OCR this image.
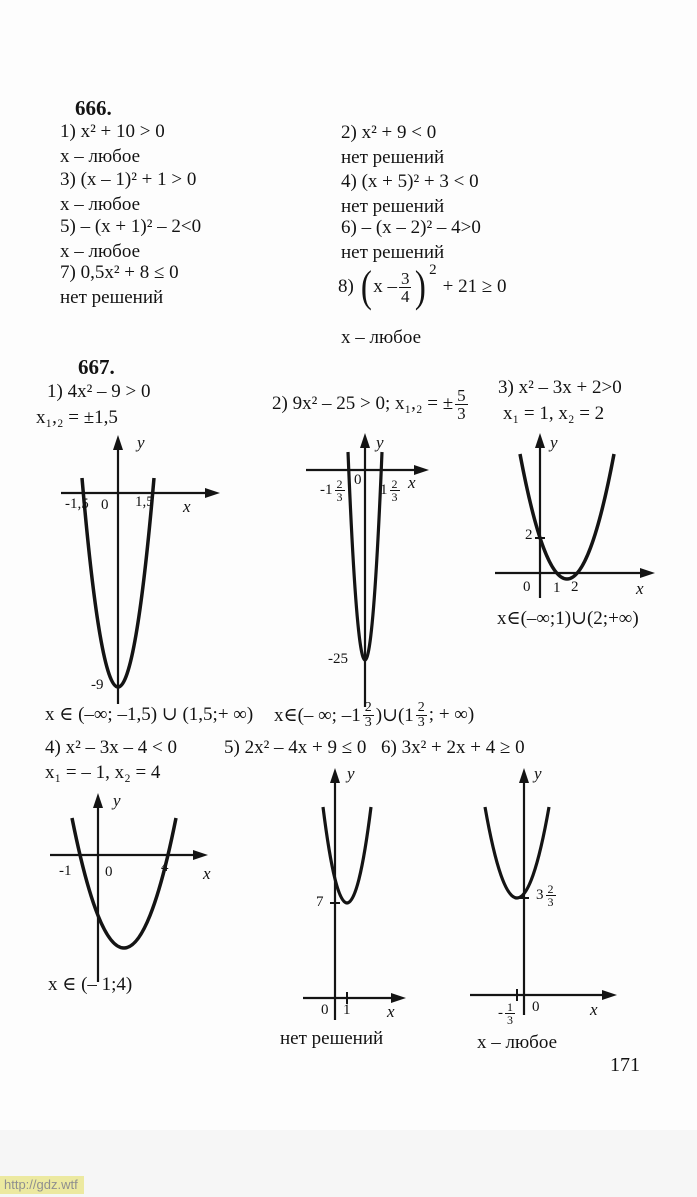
666.
1) x² + 10 > 0
x – любое
3) (x – 1)² + 1 > 0
x – любое
5) – (x + 1)² – 2<0
x – любое
7) 0,5x² + 8 ≤ 0
нет решений
2) x² + 9 < 0
нет решений
4) (x + 5)² + 3 < 0
нет решений
6) – (x – 2)² – 4>0
нет решений
8)
( x – $\frac{3}{4}$ ) 2
+ 21 ≥ 0
x – любое
667.
1) 4x² – 9 > 0
x₁,₂ = ±1,5
2) 9x² – 25 > 0; x₁,₂ = ± $\frac{5}{3} 3$) x² – 3x + 2>0
x₁ = 1, x₂ = 2
y
x
-1,5 0 1,5
-9
x ∈ (–∞; –1,5) ∪ (1,5;+ ∞)
y
x
0
$-1 \frac{2}{3} 1 \frac{2}{3}$
-25
x∈(– ∞; $-1 \frac{2}{3}$ )∪(1 $\frac{2}{3}$ ; + ∞)
y
x
2
0 1 2
x∈(–∞;1)∪(2;+∞)
4) x² – 3x – 4 < 0
x₁ = – 1, x₂ = 4
5) 2x² – 4x + 9 ≤ 0 6) 3x² + 2x + 4 ≥ 0
y
x
-1 0	4
x ∈ (– 1;4)
y
x
7
0 1
нет решений
y
x
$3 \frac{2}{3}$
- $\frac{1}{3} 0$
x – любое
171
http://gdz.wtf
